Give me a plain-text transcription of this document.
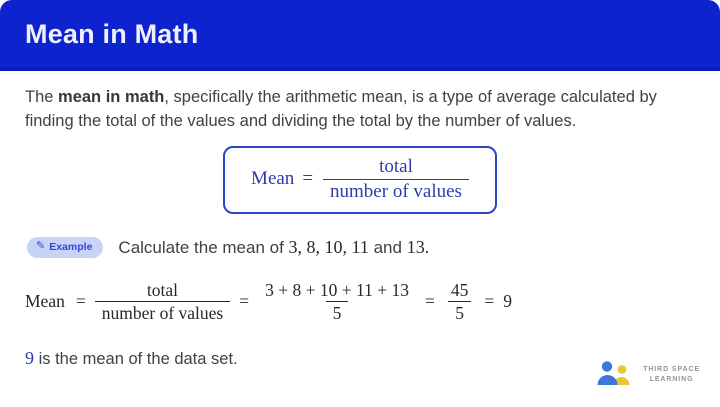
Mean in Math

The mean in math, specifically the arithmetic mean, is a type of average calculated by finding the total of the values and dividing the total by the number of values.

Mean = $\frac{\text{total}}{\text{number of values}}$
✎ Example Calculate the mean of 3, 8, 10, 11 and 13.
Mean = $\frac{\text{total}}{\text{number of values}} = \frac{3 + 8 + 10 + 11 + 13}{5} = \frac{45}{5} = 9$

9 is the mean of the data set.

THIRD SPACE
LEARNING
